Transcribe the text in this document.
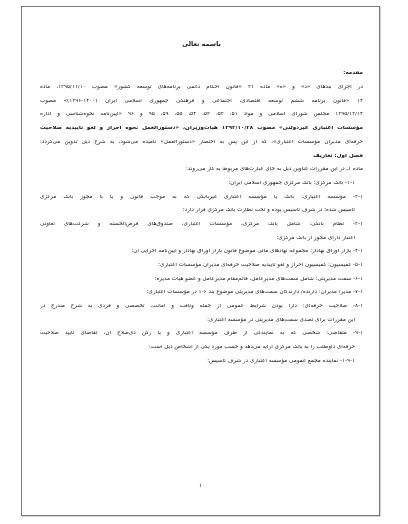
باسمه تعالی
مقدمه:
در اجرای بندهای «د» و «ه» ماده ۲۱ «قانون احکام دائمی برنامه‌های توسعه کشور» مصوب ۱۳۹۵/۱۱/۱۰، ماده
۱۴ «قانون برنامه ششم توسعه اقتصادی، اجتماعی و فرهنگی جمهوری اسلامی ایران (۱۴۰۰-۱۳۹۶)» مصوب
۱۳۹۵/۱۲/۱۴ مجلس شورای اسلامی و مواد ۵۱، ۵۲، ۵۳، ۵۴، ۵۵، ۵۹، ۹۵ و ۹۶ «آیین‌نامه نحوه‌شناسی و اداره
مؤسسات اعتباری غیردولتی» مصوب ۱۳۹۳/۱۰/۲۸ هیأت‌وزیران، «دستورالعمل نحوه احراز و لغو تأییدیه صلاحیت
حرفه‌ای مدیران مؤسسات اعتباری»، که از این پس به اختصار «دستورالعمل» نامیده می‌شود، به شرح ذیل تدوین می‌گردد:
فصل اول: تعاریف
ماده ۱ـ در این مقررات عناوین ذیل به جای عبارت‌های مربوط به کار می‌روند:
۱-۱- بانک مرکزی: بانک مرکزی جمهوری اسلامی ایران؛
۲-۱- مؤسسه اعتباری: بانک یا مؤسسه اعتباری غیربانکی که به موجب قانون و یا با مجوز بانک مرکزی
تأسیس شده؛ در شرف تأسیس بوده و تحت نظارت بانک مرکزی قرار دارد؛
۳-۱- نظام بانکی: شامل بانک مرکزی، مؤسسات اعتباری، صندوق‌های قرض‌الحسنه و شرکت‌های تعاونی
اعتبار دارای مجوز از بانک مرکزی؛
۴-۱- بازار اوراق بهادار: مجموعه نهادهای مالی موضوع قانون بازار اوراق بهادار و آیین‌نامه اجرایی آن؛
۵-۱- کمیسیون: کمیسیون احراز و لغو تأییدیه صلاحیت حرفه‌ای مدیران مؤسسات اعتباری؛
۶-۱- سمت مدیریتی: شامل سمت‌های مدیرعامل، قائم‌مقام مدیرعامل و عضو هیأت مدیره؛
۷-۱- مدیر/ مدیران: دارنده/ دارندگان سمت‌های مدیریتی موضوع بند ۶-۱ در مؤسسات اعتباری؛
۸-۱- صلاحیت حرفه‌ای: دارا بودن شرایط عمومی از جمله وثاقت و امانت، تخصصی و فردی به شرح مندرج در
این مقررات برای تصدی سمت‌های مدیریتی در مؤسسه اعتباری؛
۹-۱- متقاضی: شخصی که به نمایندگی از طرف مؤسسه اعتباری و یا رکن ذی‌صلاح آن، تقاضای تأیید صلاحیت
حرفه‌ای داوطلب را به بانک مرکزی ارایه می‌دهد و حسب مورد یکی از اشخاص ذیل است:
۱-۹-۱- نماینده مجمع عمومی مؤسسه اعتباری در شرف تأسیس؛
۱
